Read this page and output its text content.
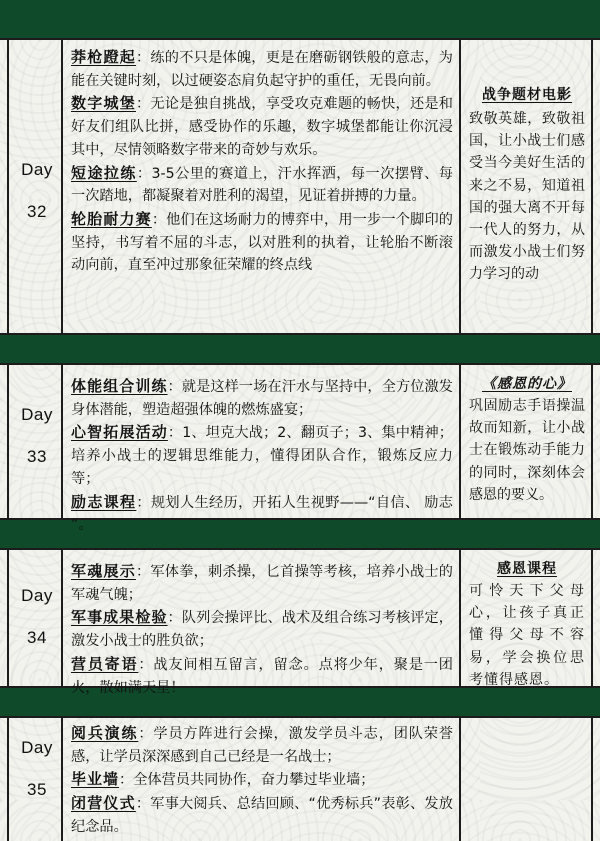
Day
32

莽枪蹬起：练的不只是体魄，更是在磨砺钢铁般的意志，为能在关键时刻，以过硬姿态肩负起守护的重任，无畏向前。

数字城堡：无论是独自挑战，享受攻克难题的畅快，还是和好友们组队比拼，感受协作的乐趣，数字城堡都能让你沉浸其中，尽情领略数字带来的奇妙与欢乐。

短途拉练：3-5公里的赛道上，汗水挥洒，每一次摆臂、每一次踏地，都凝聚着对胜利的渴望，见证着拼搏的力量。

轮胎耐力赛：他们在这场耐力的博弈中，用一步一个脚印的坚持，书写着不屈的斗志，以对胜利的执着，让轮胎不断滚动向前，直至冲过那象征荣耀的终点线

战争题材电影

致敬英雄，致敬祖国，让小战士们感受当今美好生活的来之不易，知道祖国的强大离不开每一代人的努力，从而激发小战士们努力学习的动

Day
33

体能组合训练：就是这样一场在汗水与坚持中，全方位激发身体潜能，塑造超强体魄的燃炼盛宴；

心智拓展活动：1、坦克大战；2、翻页子；3、集中精神；培养小战士的逻辑思维能力，懂得团队合作，锻炼反应力等；

励志课程：规划人生经历，开拓人生视野——“自信、 励志 ”。

《感恩的心》

巩固励志手语操温故而知新，让小战士在锻炼动手能力的同时，深刻体会感恩的要义。

Day
34

军魂展示：军体拳，刺杀操，匕首操等考核，培养小战士的军魂气魄；

军事成果检验：队列会操评比、战术及组合练习考核评定，激发小战士的胜负欲；

营员寄语：战友间相互留言，留念。点将少年，聚是一团火，散如满天星！

感恩课程

可怜天下父母心，让孩子真正懂得父母不容易，学会换位思考懂得感恩。

Day
35

阅兵演练：学员方阵进行会操，激发学员斗志，团队荣誉感，让学员深深感到自己已经是一名战士；

毕业墙：全体营员共同协作，奋力攀过毕业墙；

闭营仪式：军事大阅兵、总结回顾、“优秀标兵”表彰、发放纪念品。
